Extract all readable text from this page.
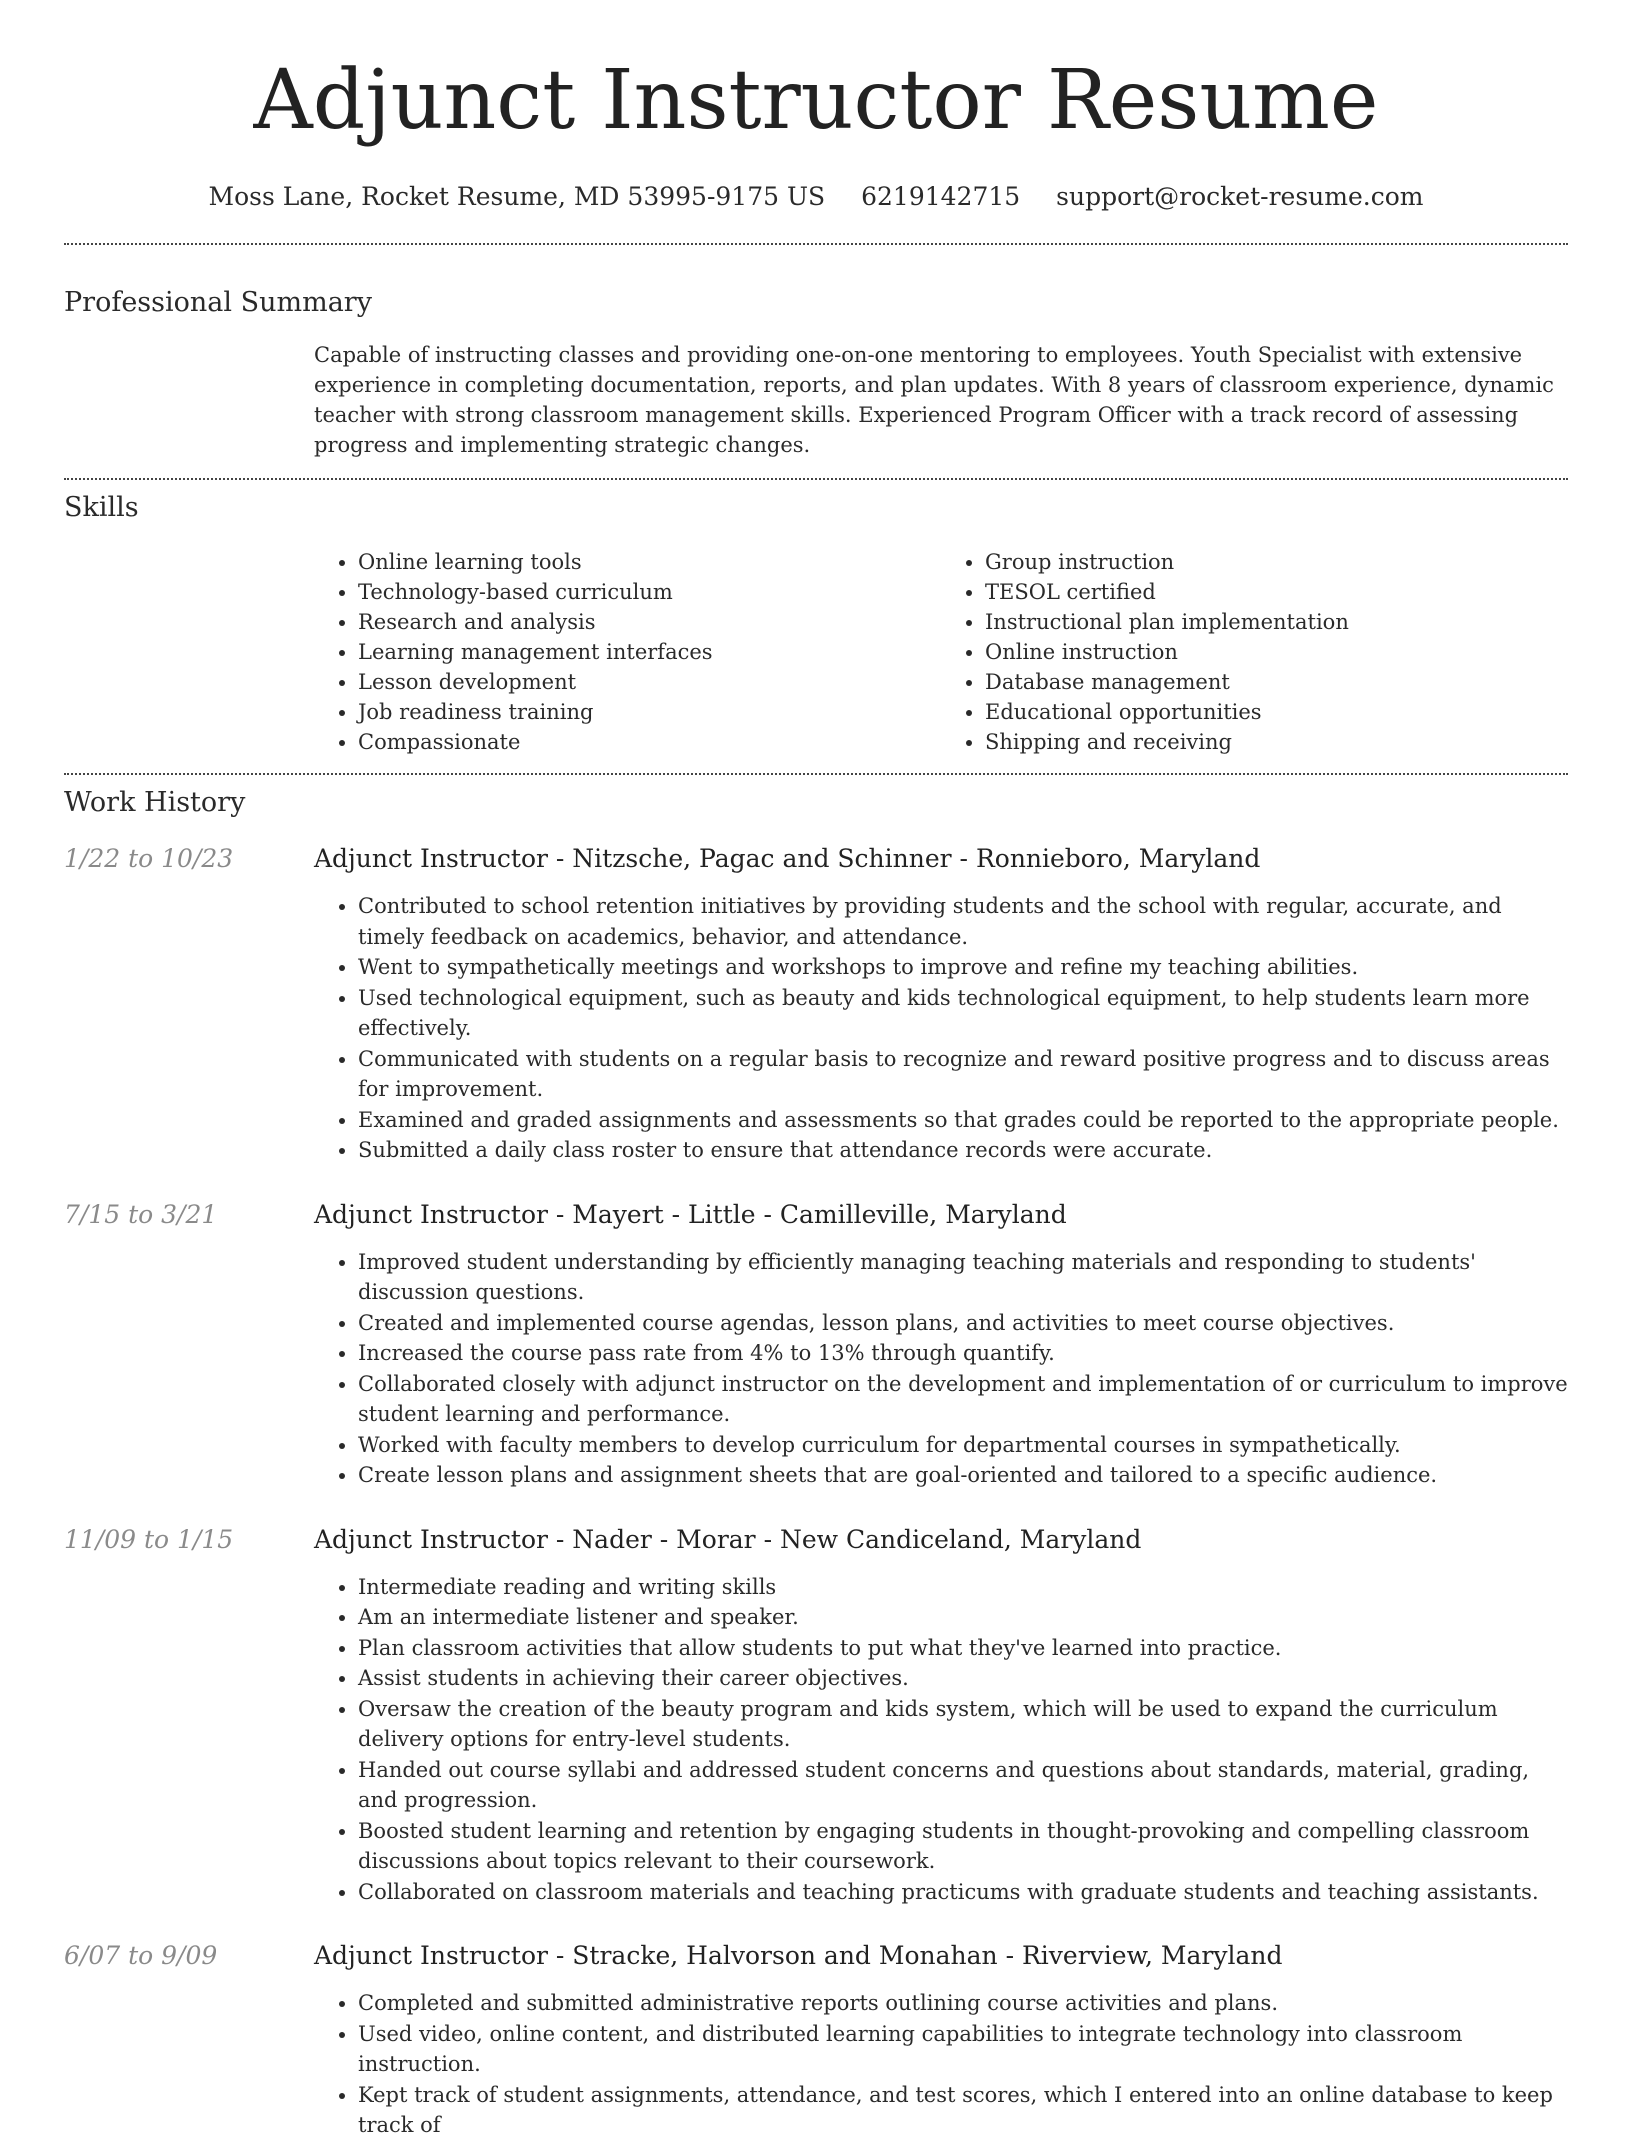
Adjunct Instructor Resume
Moss Lane, Rocket Resume, MD 53995-9175 US 6219142715 support@rocket-resume.com
Professional Summary

Capable of instructing classes and providing one-on-one mentoring to employees. Youth Specialist with extensive experience in completing documentation, reports, and plan updates. With 8 years of classroom experience, dynamic teacher with strong classroom management skills. Experienced Program Officer with a track record of assessing progress and implementing strategic changes.

Skills
• Online learning tools
• Technology-based curriculum
• Research and analysis
• Learning management interfaces
• Lesson development
• Job readiness training
• Compassionate
• Group instruction
• TESOL certified
• Instructional plan implementation
• Online instruction
• Database management
• Educational opportunities
• Shipping and receiving
Work History
1/22 to 10/23	Adjunct Instructor - Nitzsche, Pagac and Schinner - Ronnieboro, Maryland
• Contributed to school retention initiatives by providing students and the school with regular, accurate, and timely feedback on academics, behavior, and attendance.
• Went to sympathetically meetings and workshops to improve and refine my teaching abilities.
• Used technological equipment, such as beauty and kids technological equipment, to help students learn more effectively.
• Communicated with students on a regular basis to recognize and reward positive progress and to discuss areas for improvement.
• Examined and graded assignments and assessments so that grades could be reported to the appropriate people.
• Submitted a daily class roster to ensure that attendance records were accurate.
7/15 to 3/21	Adjunct Instructor - Mayert - Little - Camilleville, Maryland
• Improved student understanding by efficiently managing teaching materials and responding to students' discussion questions.
• Created and implemented course agendas, lesson plans, and activities to meet course objectives.
• Increased the course pass rate from 4% to 13% through quantify.
• Collaborated closely with adjunct instructor on the development and implementation of or curriculum to improve student learning and performance.
• Worked with faculty members to develop curriculum for departmental courses in sympathetically.
• Create lesson plans and assignment sheets that are goal-oriented and tailored to a specific audience.
11/09 to 1/15	Adjunct Instructor - Nader - Morar - New Candiceland, Maryland
• Intermediate reading and writing skills
• Am an intermediate listener and speaker.
• Plan classroom activities that allow students to put what they've learned into practice.
• Assist students in achieving their career objectives.
• Oversaw the creation of the beauty program and kids system, which will be used to expand the curriculum delivery options for entry-level students.
• Handed out course syllabi and addressed student concerns and questions about standards, material, grading, and progression.
• Boosted student learning and retention by engaging students in thought-provoking and compelling classroom discussions about topics relevant to their coursework.
• Collaborated on classroom materials and teaching practicums with graduate students and teaching assistants.
6/07 to 9/09	Adjunct Instructor - Stracke, Halvorson and Monahan - Riverview, Maryland
• Completed and submitted administrative reports outlining course activities and plans.
• Used video, online content, and distributed learning capabilities to integrate technology into classroom instruction.
• Kept track of student assignments, attendance, and test scores, which I entered into an online database to keep track of
